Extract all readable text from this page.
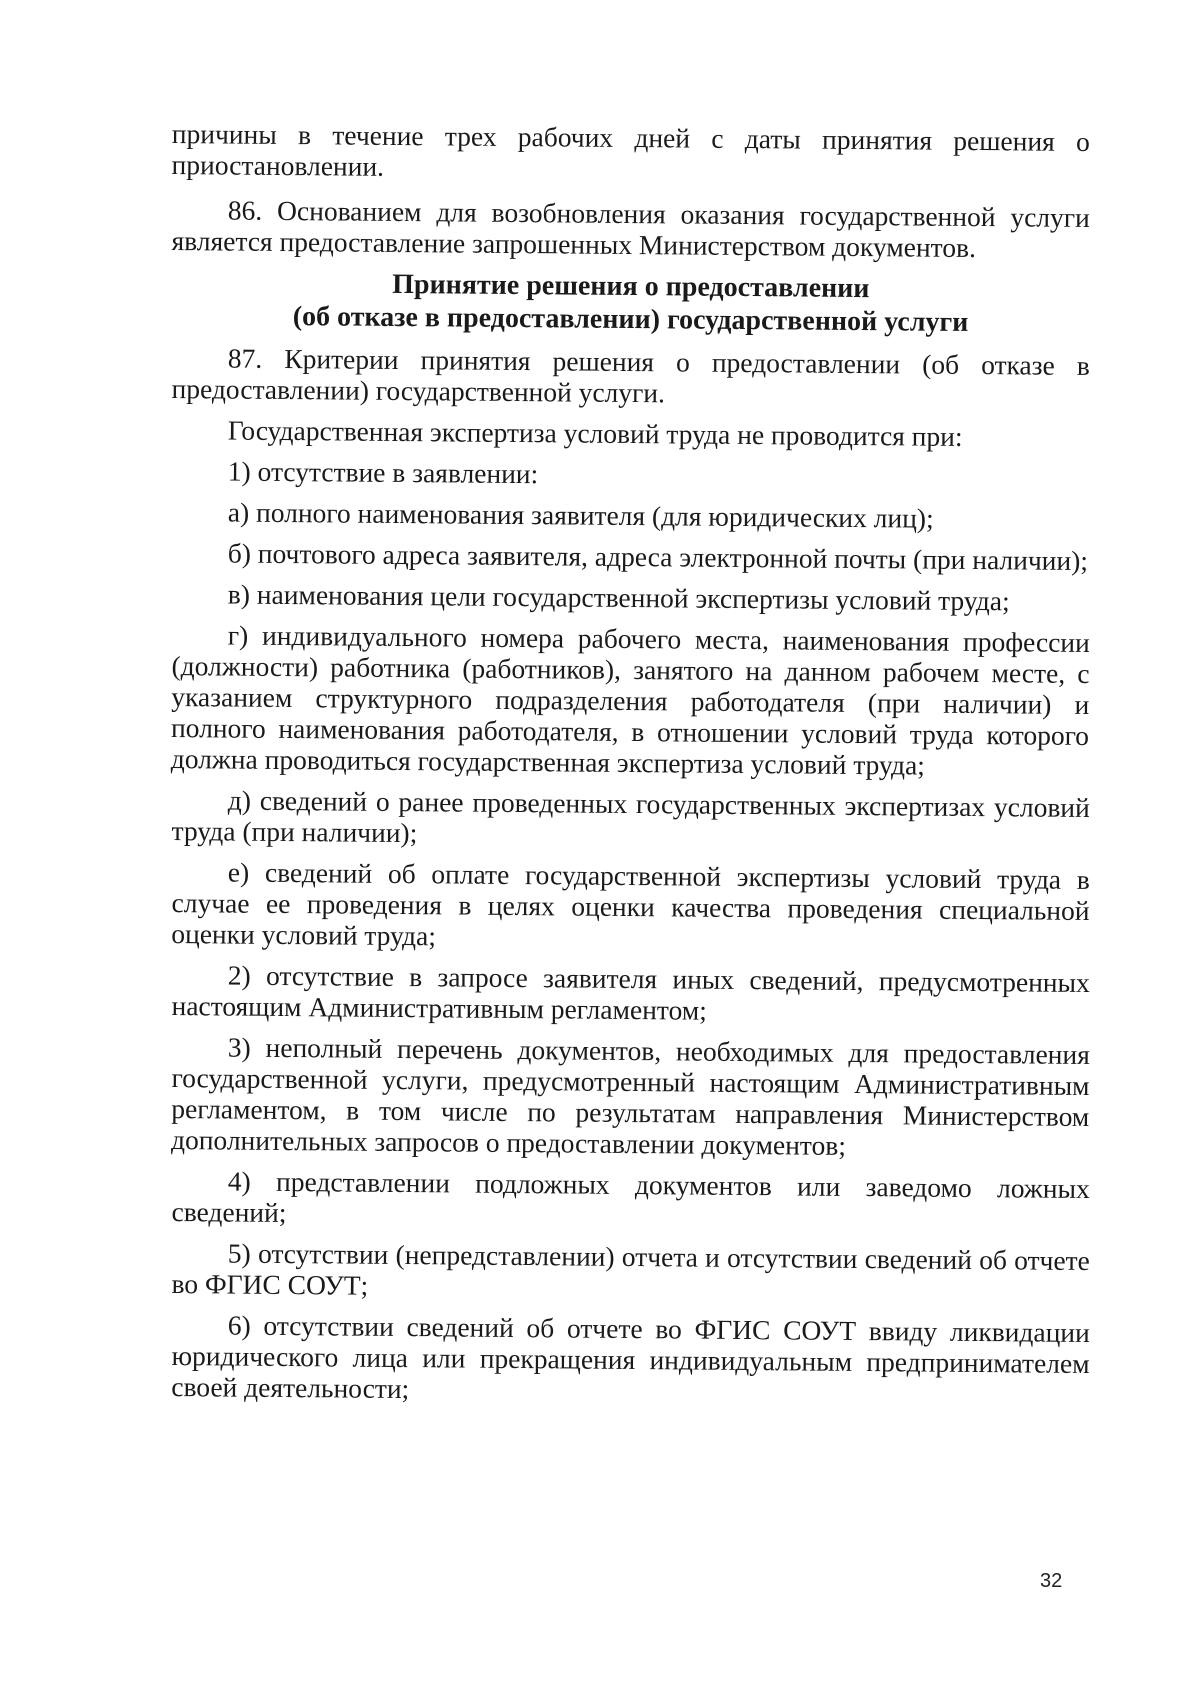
причины в течение трех рабочих дней с даты принятия решения о приостановлении.

86. Основанием для возобновления оказания государственной услуги является предоставление запрошенных Министерством документов.

Принятие решения о предоставлении
(об отказе в предоставлении) государственной услуги

87. Критерии принятия решения о предоставлении (об отказе в предоставлении) государственной услуги.

Государственная экспертиза условий труда не проводится при:

1) отсутствие в заявлении:

а) полного наименования заявителя (для юридических лиц);

б) почтового адреса заявителя, адреса электронной почты (при наличии);

в) наименования цели государственной экспертизы условий труда;

г) индивидуального номера рабочего места, наименования профессии (должности) работника (работников), занятого на данном рабочем месте, с указанием структурного подразделения работодателя (при наличии) и полного наименования работодателя, в отношении условий труда которого должна проводиться государственная экспертиза условий труда;

д) сведений о ранее проведенных государственных экспертизах условий труда (при наличии);

е) сведений об оплате государственной экспертизы условий труда в случае ее проведения в целях оценки качества проведения специальной оценки условий труда;

2) отсутствие в запросе заявителя иных сведений, предусмотренных настоящим Административным регламентом;

3) неполный перечень документов, необходимых для предоставления государственной услуги, предусмотренный настоящим Административным регламентом, в том числе по результатам направления Министерством дополнительных запросов о предоставлении документов;

4) представлении подложных документов или заведомо ложных сведений;

5) отсутствии (непредставлении) отчета и отсутствии сведений об отчете во ФГИС СОУТ;

6) отсутствии сведений об отчете во ФГИС СОУТ ввиду ликвидации юридического лица или прекращения индивидуальным предпринимателем своей деятельности;

32
